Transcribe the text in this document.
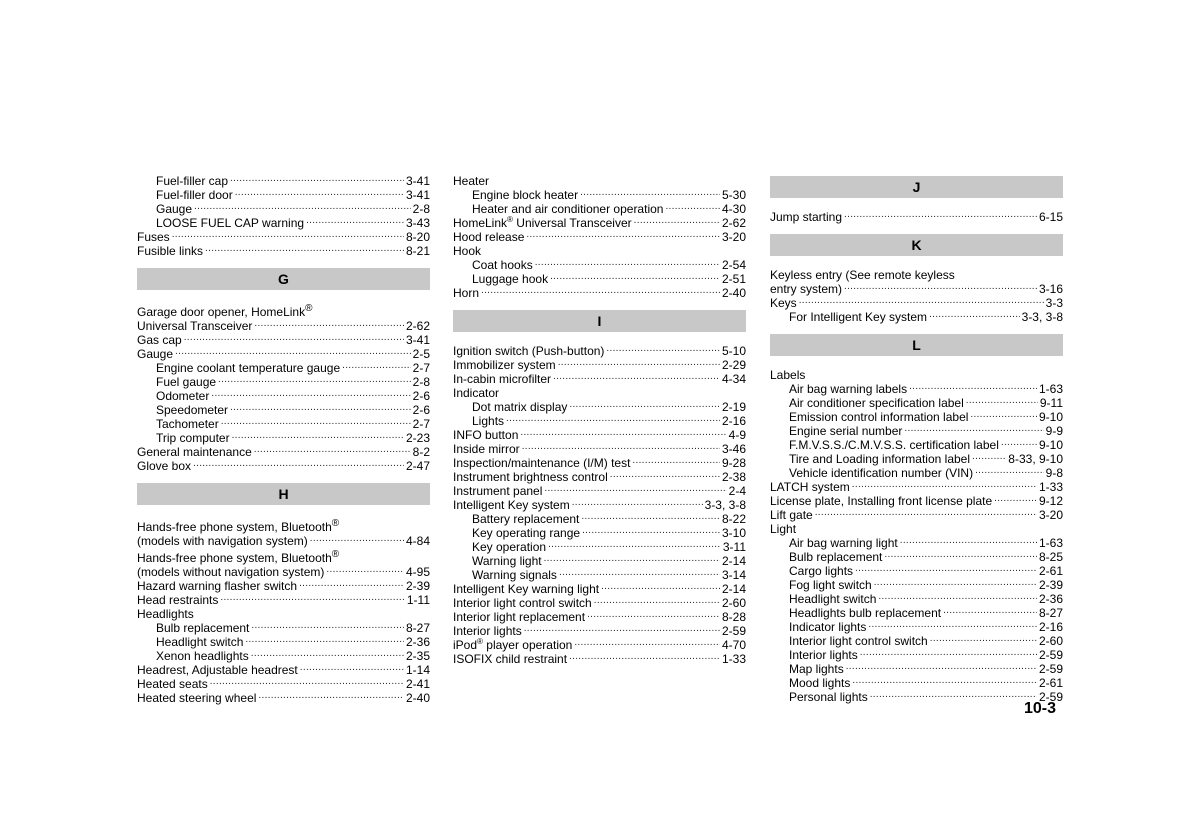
Fuel-filler cap .....	3-41
Fuel-filler door .....	3-41
Gauge .....	2-8
LOOSE FUEL CAP warning .....	3-43
Fuses .....	8-20
Fusible links .....	8-21
G
Garage door opener, HomeLink®
Universal Transceiver .....	2-62
Gas cap .....	3-41
Gauge .....	2-5
Engine coolant temperature gauge .....	2-7
Fuel gauge .....	2-8
Odometer .....	2-6
Speedometer .....	2-6
Tachometer .....	2-7
Trip computer .....	2-23
General maintenance .....	8-2
Glove box .....	2-47
H
Hands-free phone system, Bluetooth®
(models with navigation system) .....	4-84
Hands-free phone system, Bluetooth®
(models without navigation system) .....	4-95
Hazard warning flasher switch .....	2-39
Head restraints .....	1-11
Headlights
Bulb replacement .....	8-27
Headlight switch .....	2-36
Xenon headlights .....	2-35
Headrest, Adjustable headrest .....	1-14
Heated seats .....	2-41
Heated steering wheel .....	2-40
Heater
Engine block heater .....	5-30
Heater and air conditioner operation .....	4-30
HomeLink® Universal Transceiver .....	2-62
Hood release .....	3-20
Hook
Coat hooks .....	2-54
Luggage hook .....	2-51
Horn .....	2-40
I
Ignition switch (Push-button) .....	5-10
Immobilizer system .....	2-29
In-cabin microfilter .....	4-34
Indicator
Dot matrix display .....	2-19
Lights .....	2-16
INFO button .....	4-9
Inside mirror .....	3-46
Inspection/maintenance (I/M) test .....	9-28
Instrument brightness control .....	2-38
Instrument panel .....	2-4
Intelligent Key system .....	3-3, 3-8
Battery replacement .....	8-22
Key operating range .....	3-10
Key operation .....	3-11
Warning light .....	2-14
Warning signals .....	3-14
Intelligent Key warning light .....	2-14
Interior light control switch .....	2-60
Interior light replacement .....	8-28
Interior lights .....	2-59
iPod® player operation .....	4-70
ISOFIX child restraint .....	1-33
J
Jump starting .....	6-15
K
Keyless entry (See remote keyless
entry system) .....	3-16
Keys .....	3-3
For Intelligent Key system .....	3-3, 3-8
L
Labels
Air bag warning labels .....	1-63
Air conditioner specification label .....	9-11
Emission control information label .....	9-10
Engine serial number .....	9-9
F.M.V.S.S./C.M.V.S.S. certification label .....	9-10
Tire and Loading information label .....	8-33, 9-10
Vehicle identification number (VIN) .....	9-8
LATCH system .....	1-33
License plate, Installing front license plate .....	9-12
Lift gate .....	3-20
Light
Air bag warning light .....	1-63
Bulb replacement .....	8-25
Cargo lights .....	2-61
Fog light switch .....	2-39
Headlight switch .....	2-36
Headlights bulb replacement .....	8-27
Indicator lights .....	2-16
Interior light control switch .....	2-60
Interior lights .....	2-59
Map lights .....	2-59
Mood lights .....	2-61
Personal lights .....	2-59
10-3
